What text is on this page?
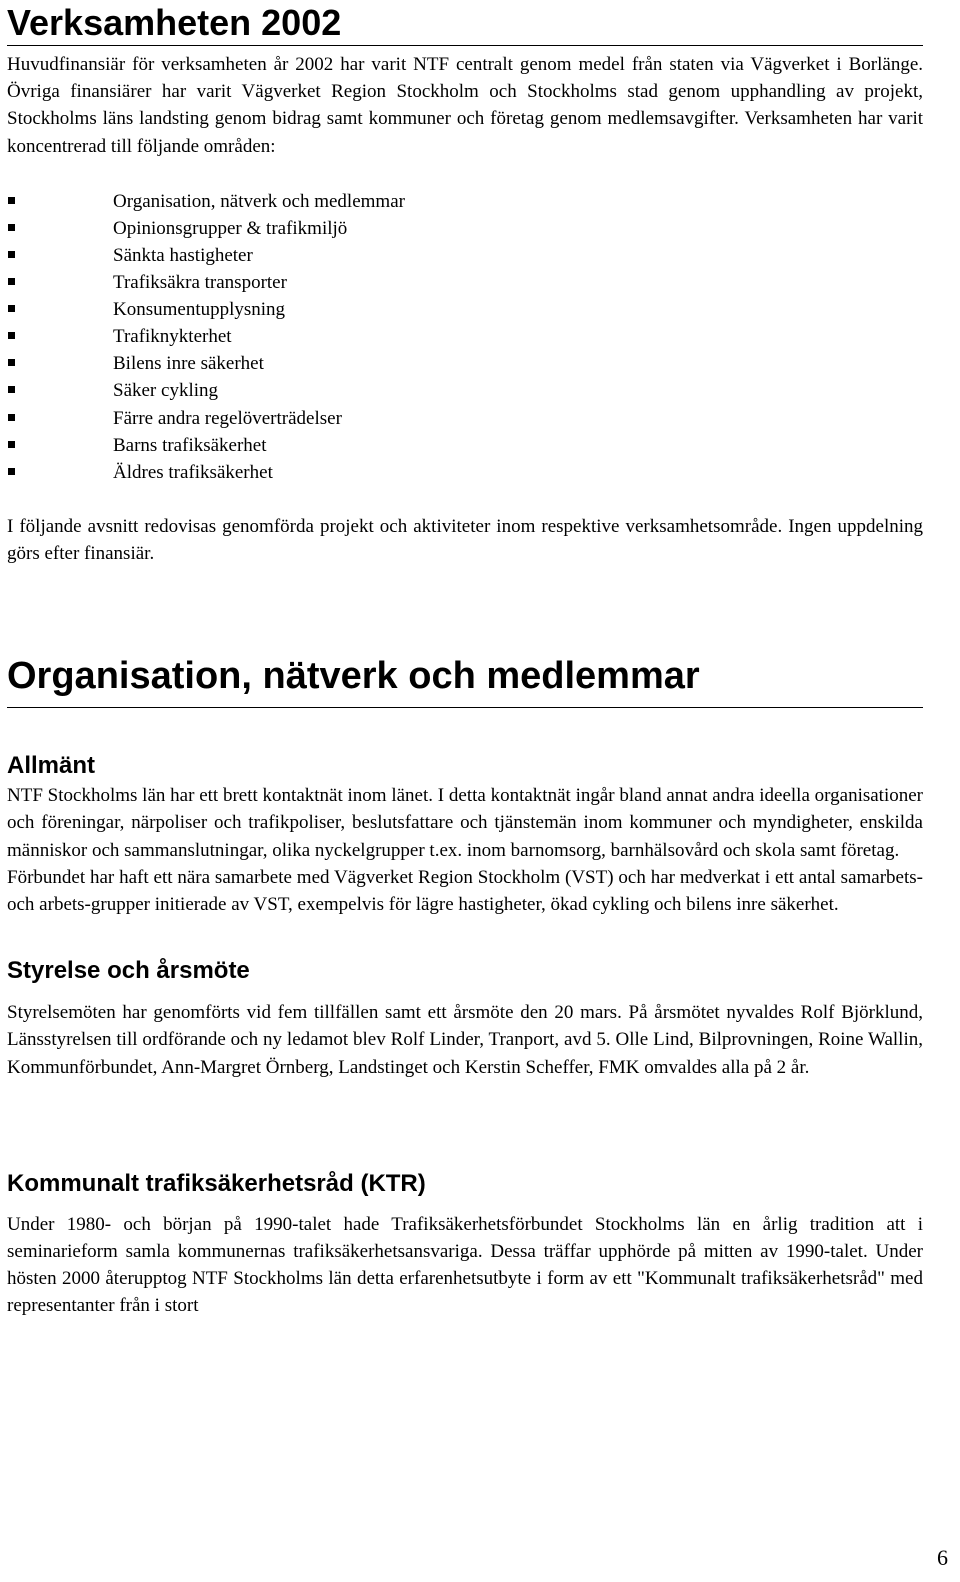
Verksamheten 2002

Huvudfinansiär för verksamheten år 2002 har varit NTF centralt genom medel från staten via Vägverket i Borlänge. Övriga finansiärer har varit Vägverket Region Stockholm och Stockholms stad genom upphandling av projekt, Stockholms läns landsting genom bidrag samt kommuner och företag genom medlemsavgifter. Verksamheten har varit koncentrerad till följande områden:

Organisation, nätverk och medlemmar
Opinionsgrupper & trafikmiljö
Sänkta hastigheter
Trafiksäkra transporter
Konsumentupplysning
Trafiknykterhet
Bilens inre säkerhet
Säker cykling
Färre andra regelöverträdelser
Barns trafiksäkerhet
Äldres trafiksäkerhet

I följande avsnitt redovisas genomförda projekt och aktiviteter inom respektive verksamhetsområde. Ingen uppdelning görs efter finansiär.

Organisation, nätverk och medlemmar
Allmänt

NTF Stockholms län har ett brett kontaktnät inom länet. I detta kontaktnät ingår bland annat andra ideella organisationer och föreningar, närpoliser och trafikpoliser, beslutsfattare och tjänstemän inom kommuner och myndigheter, enskilda människor och sammanslutningar, olika nyckelgrupper t.ex. inom barnomsorg, barnhälsovård och skola samt företag.

Förbundet har haft ett nära samarbete med Vägverket Region Stockholm (VST) och har medverkat i ett antal samarbets- och arbets-grupper initierade av VST, exempelvis för lägre hastigheter, ökad cykling och bilens inre säkerhet.

Styrelse och årsmöte

Styrelsemöten har genomförts vid fem tillfällen samt ett årsmöte den 20 mars. På årsmötet nyvaldes Rolf Björklund, Länsstyrelsen till ordförande och ny ledamot blev Rolf Linder, Tranport, avd 5. Olle Lind, Bilprovningen, Roine Wallin, Kommunförbundet, Ann-Margret Örnberg, Landstinget och Kerstin Scheffer, FMK omvaldes alla på 2 år.

Kommunalt trafiksäkerhetsråd (KTR)

Under 1980- och början på 1990-talet hade Trafiksäkerhetsförbundet Stockholms län en årlig tradition att i seminarieform samla kommunernas trafiksäkerhetsansvariga. Dessa träffar upphörde på mitten av 1990-talet. Under hösten 2000 återupptog NTF Stockholms län detta erfarenhetsutbyte i form av ett "Kommunalt trafiksäkerhetsråd" med representanter från i stort

6
